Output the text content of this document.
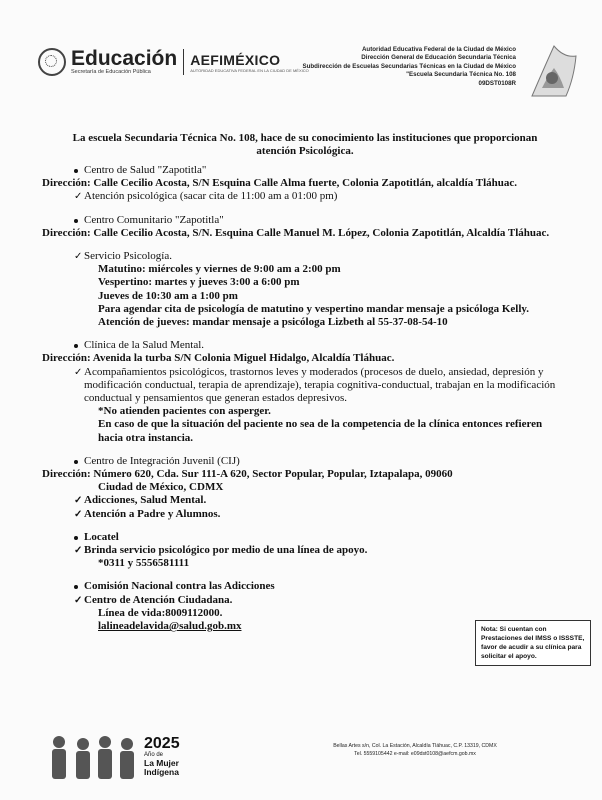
Educación
Secretaría de Educación Pública
AEFIMÉXICO
AUTORIDAD EDUCATIVA FEDERAL EN LA CIUDAD DE MÉXICO
Autoridad Educativa Federal de la Ciudad de México
Dirección General de Educación Secundaria Técnica
Subdirección de Escuelas Secundarias Técnicas en la Ciudad de México
"Escuela Secundaria Técnica No. 108
09DST0108R
La escuela Secundaria Técnica No. 108, hace de su conocimiento las instituciones que proporcionan atención Psicológica.
Centro de Salud "Zapotitla"
Dirección: Calle Cecilio Acosta, S/N Esquina Calle Alma fuerte, Colonia Zapotitlán, alcaldía Tláhuac.
✓ Atención psicológica (sacar cita de 11:00 am a 01:00 pm)
Centro Comunitario "Zapotitla"
Dirección: Calle Cecilio Acosta, S/N. Esquina Calle Manuel M. López, Colonia Zapotitlán, Alcaldía Tláhuac.
✓ Servicio Psicología.
Matutino: miércoles y viernes de 9:00 am a 2:00 pm
Vespertino: martes y jueves 3:00 a 6:00 pm
Jueves de 10:30 am a 1:00 pm
Para agendar cita de psicología de matutino y vespertino mandar mensaje a psicóloga Kelly.
Atención de jueves: mandar mensaje a psicóloga Lizbeth al 55-37-08-54-10
Clínica de la Salud Mental.
Dirección: Avenida la turba S/N Colonia Miguel Hidalgo, Alcaldía Tláhuac.
✓ Acompañamientos psicológicos, trastornos leves y moderados (procesos de duelo, ansiedad, depresión y modificación conductual, terapia de aprendizaje), terapia cognitiva-conductual, trabajan en la modificación conductual y pensamientos que generan estados depresivos.
*No atienden pacientes con asperger.
En caso de que la situación del paciente no sea de la competencia de la clínica entonces refieren hacia otra instancia.
Centro de Integración Juvenil (CIJ)
Dirección: Número 620, Cda. Sur 111-A 620, Sector Popular, Popular, Iztapalapa, 09060
Ciudad de México, CDMX
✓ Adicciones, Salud Mental.
✓ Atención a Padre y Alumnos.
Locatel
✓ Brinda servicio psicológico por medio de una línea de apoyo.
*0311 y 5556581111
Comisión Nacional contra las Adicciones
✓ Centro de Atención Ciudadana.
Línea de vida:8009112000.
lalineadelavida@salud.gob.mx	Nota: Si cuentan con Prestaciones del IMSS o ISSSTE, favor de acudir a su clínica para solicitar el apoyo.
2025
Año de
La Mujer
Indígena
Bellas Artes s/n, Col. La Estación, Alcaldía Tláhuac, C.P. 13319, CDMX
Tel. 5559105442 e-mail: e09dst0108@aefcm.gob.mx
